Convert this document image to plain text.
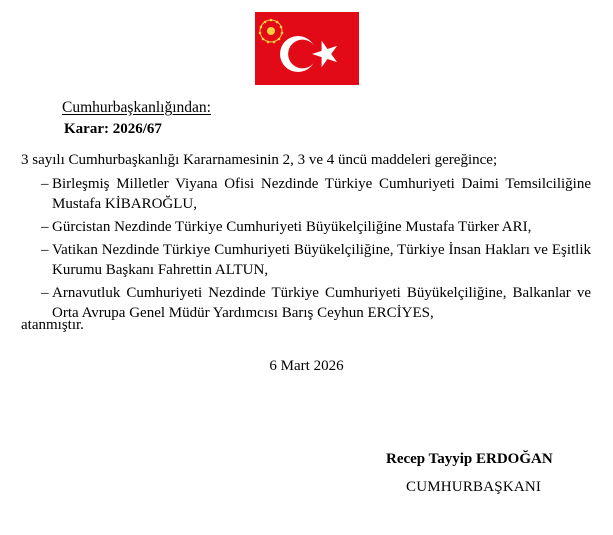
Cumhurbaşkanlığından:
Karar: 2026/67
3 sayılı Cumhurbaşkanlığı Kararnamesinin 2, 3 ve 4 üncü maddeleri gereğince;
– Birleşmiş Milletler Viyana Ofisi Nezdinde Türkiye Cumhuriyeti Daimi Temsilciliğine Mustafa KİBAROĞLU,
– Gürcistan Nezdinde Türkiye Cumhuriyeti Büyükelçiliğine Mustafa Türker ARI,
– Vatikan Nezdinde Türkiye Cumhuriyeti Büyükelçiliğine, Türkiye İnsan Hakları ve Eşitlik Kurumu Başkanı Fahrettin ALTUN,
– Arnavutluk Cumhuriyeti Nezdinde Türkiye Cumhuriyeti Büyükelçiliğine, Balkanlar ve Orta Avrupa Genel Müdür Yardımcısı Barış Ceyhun ERCİYES,
atanmıştır.
6 Mart 2026
Recep Tayyip ERDOĞAN
CUMHURBAŞKANI
